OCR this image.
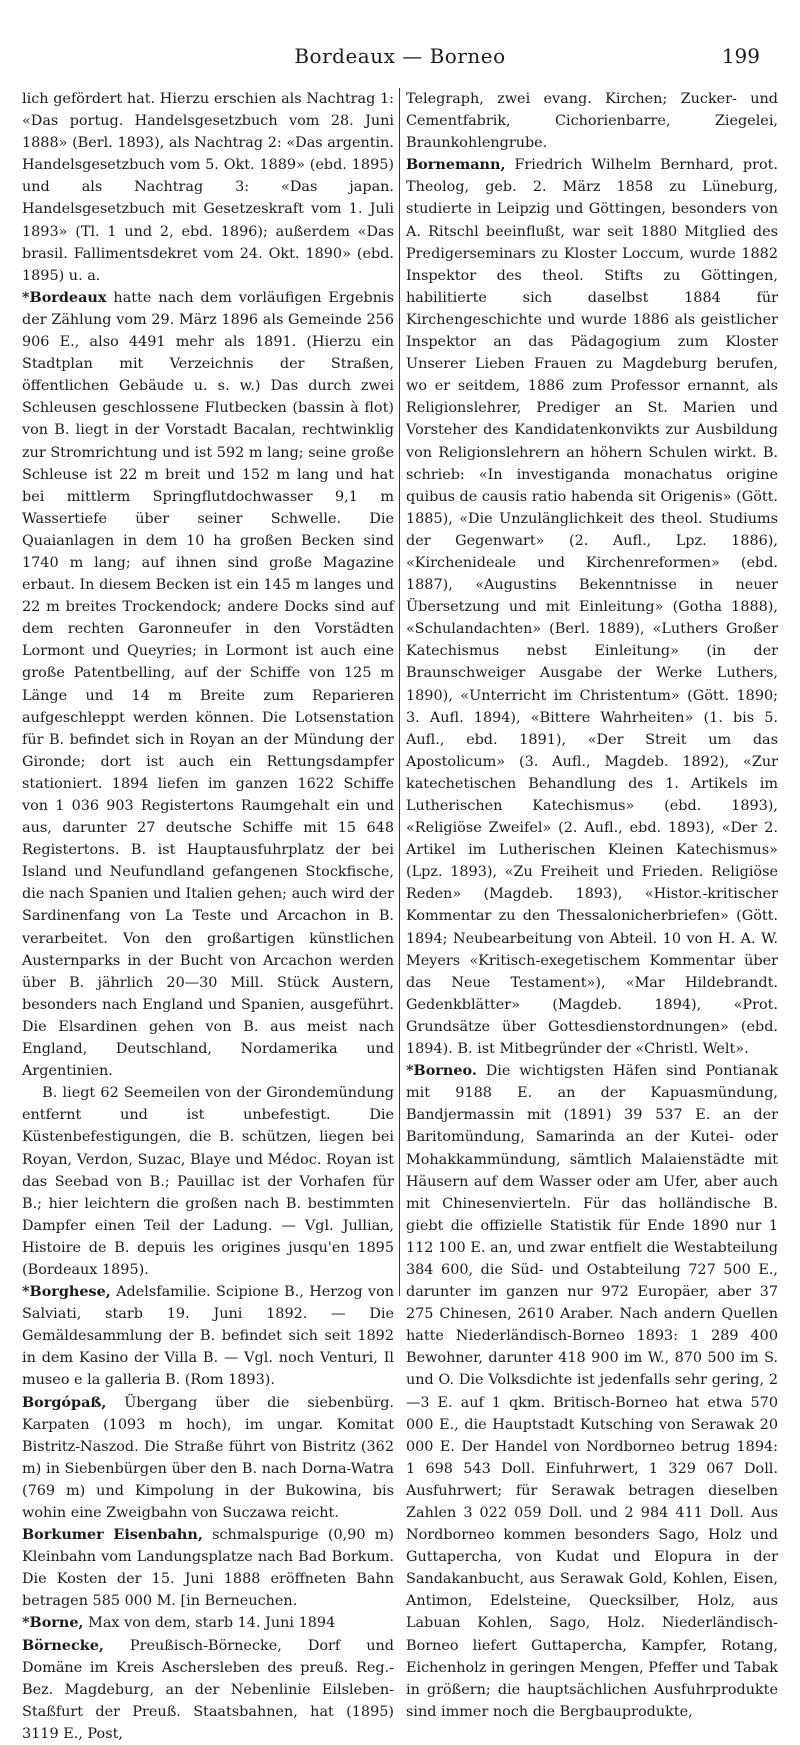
Bordeaux — Borneo	199

lich gefördert hat. Hierzu erschien als Nachtrag 1: «Das portug. Handelsgesetzbuch vom 28. Juni 1888» (Berl. 1893), als Nachtrag 2: «Das argentin. Handelsgesetzbuch vom 5. Okt. 1889» (ebd. 1895) und als Nachtrag 3: «Das japan. Handelsgesetzbuch mit Gesetzeskraft vom 1. Juli 1893» (Tl. 1 und 2, ebd. 1896); außerdem «Das brasil. Fallimentsdekret vom 24. Okt. 1890» (ebd. 1895) u. a.

*Bordeaux hatte nach dem vorläufigen Ergebnis der Zählung vom 29. März 1896 als Gemeinde 256 906 E., also 4491 mehr als 1891. (Hierzu ein Stadtplan mit Verzeichnis der Straßen, öffentlichen Gebäude u. s. w.) Das durch zwei Schleusen geschlossene Flutbecken (bassin à flot) von B. liegt in der Vorstadt Bacalan, rechtwinklig zur Stromrichtung und ist 592 m lang; seine große Schleuse ist 22 m breit und 152 m lang und hat bei mittlerm Springflutdochwasser 9,1 m Wassertiefe über seiner Schwelle. Die Quaianlagen in dem 10 ha großen Becken sind 1740 m lang; auf ihnen sind große Magazine erbaut. In diesem Becken ist ein 145 m langes und 22 m breites Trockendock; andere Docks sind auf dem rechten Garonneufer in den Vorstädten Lormont und Queyries; in Lormont ist auch eine große Patentbelling, auf der Schiffe von 125 m Länge und 14 m Breite zum Reparieren aufgeschleppt werden können. Die Lotsenstation für B. befindet sich in Royan an der Mündung der Gironde; dort ist auch ein Rettungsdampfer stationiert. 1894 liefen im ganzen 1622 Schiffe von 1 036 903 Registertons Raumgehalt ein und aus, darunter 27 deutsche Schiffe mit 15 648 Registertons. B. ist Hauptausfuhrplatz der bei Island und Neufundland gefangenen Stockfische, die nach Spanien und Italien gehen; auch wird der Sardinenfang von La Teste und Arcachon in B. verarbeitet. Von den großartigen künstlichen Austernparks in der Bucht von Arcachon werden über B. jährlich 20—30 Mill. Stück Austern, besonders nach England und Spanien, ausgeführt. Die Elsardinen gehen von B. aus meist nach England, Deutschland, Nordamerika und Argentinien.

B. liegt 62 Seemeilen von der Girondemündung entfernt und ist unbefestigt. Die Küstenbefestigungen, die B. schützen, liegen bei Royan, Verdon, Suzac, Blaye und Médoc. Royan ist das Seebad von B.; Pauillac ist der Vorhafen für B.; hier leichtern die großen nach B. bestimmten Dampfer einen Teil der Ladung. — Vgl. Jullian, Histoire de B. depuis les origines jusqu'en 1895 (Bordeaux 1895).

*Borghese, Adelsfamilie. Scipione B., Herzog von Salviati, starb 19. Juni 1892. — Die Gemäldesammlung der B. befindet sich seit 1892 in dem Kasino der Villa B. — Vgl. noch Venturi, Il museo e la galleria B. (Rom 1893).

Borgópaß, Übergang über die siebenbürg. Karpaten (1093 m hoch), im ungar. Komitat Bistritz-Naszod. Die Straße führt von Bistritz (362 m) in Siebenbürgen über den B. nach Dorna-Watra (769 m) und Kimpolung in der Bukowina, bis wohin eine Zweigbahn von Suczawa reicht.

Borkumer Eisenbahn, schmalspurige (0,90 m) Kleinbahn vom Landungsplatze nach Bad Borkum. Die Kosten der 15. Juni 1888 eröffneten Bahn betragen 585 000 M. [in Berneuchen.

*Borne, Max von dem, starb 14. Juni 1894

Börnecke, Preußisch-Börnecke, Dorf und Domäne im Kreis Aschersleben des preuß. Reg.-Bez. Magdeburg, an der Nebenlinie Eilsleben-Staßfurt der Preuß. Staatsbahnen, hat (1895) 3119 E., Post,

Telegraph, zwei evang. Kirchen; Zucker- und Cementfabrik, Cichorienbarre, Ziegelei, Braunkohlengrube.

Bornemann, Friedrich Wilhelm Bernhard, prot. Theolog, geb. 2. März 1858 zu Lüneburg, studierte in Leipzig und Göttingen, besonders von A. Ritschl beeinflußt, war seit 1880 Mitglied des Predigerseminars zu Kloster Loccum, wurde 1882 Inspektor des theol. Stifts zu Göttingen, habilitierte sich daselbst 1884 für Kirchengeschichte und wurde 1886 als geistlicher Inspektor an das Pädagogium zum Kloster Unserer Lieben Frauen zu Magdeburg berufen, wo er seitdem, 1886 zum Professor ernannt, als Religionslehrer, Prediger an St. Marien und Vorsteher des Kandidatenkonvikts zur Ausbildung von Religionslehrern an höhern Schulen wirkt. B. schrieb: «In investiganda monachatus origine quibus de causis ratio habenda sit Origenis» (Gött. 1885), «Die Unzulänglichkeit des theol. Studiums der Gegenwart» (2. Aufl., Lpz. 1886), «Kirchenideale und Kirchenreformen» (ebd. 1887), «Augustins Bekenntnisse in neuer Übersetzung und mit Einleitung» (Gotha 1888), «Schulandachten» (Berl. 1889), «Luthers Großer Katechismus nebst Einleitung» (in der Braunschweiger Ausgabe der Werke Luthers, 1890), «Unterricht im Christentum» (Gött. 1890; 3. Aufl. 1894), «Bittere Wahrheiten» (1. bis 5. Aufl., ebd. 1891), «Der Streit um das Apostolicum» (3. Aufl., Magdeb. 1892), «Zur katechetischen Behandlung des 1. Artikels im Lutherischen Katechismus» (ebd. 1893), «Religiöse Zweifel» (2. Aufl., ebd. 1893), «Der 2. Artikel im Lutherischen Kleinen Katechismus» (Lpz. 1893), «Zu Freiheit und Frieden. Religiöse Reden» (Magdeb. 1893), «Histor.-kritischer Kommentar zu den Thessalonicherbriefen» (Gött. 1894; Neubearbeitung von Abteil. 10 von H. A. W. Meyers «Kritisch-exegetischem Kommentar über das Neue Testament»), «Mar Hildebrandt. Gedenkblätter» (Magdeb. 1894), «Prot. Grundsätze über Gottesdienstordnungen» (ebd. 1894). B. ist Mitbegründer der «Christl. Welt».

*Borneo. Die wichtigsten Häfen sind Pontianak mit 9188 E. an der Kapuasmündung, Bandjermassin mit (1891) 39 537 E. an der Baritomündung, Samarinda an der Kutei- oder Mohakkammündung, sämtlich Malaienstädte mit Häusern auf dem Wasser oder am Ufer, aber auch mit Chinesenvierteln. Für das holländische B. giebt die offizielle Statistik für Ende 1890 nur 1 112 100 E. an, und zwar entfielt die Westabteilung 384 600, die Süd- und Ostabteilung 727 500 E., darunter im ganzen nur 972 Europäer, aber 37 275 Chinesen, 2610 Araber. Nach andern Quellen hatte Niederländisch-Borneo 1893: 1 289 400 Bewohner, darunter 418 900 im W., 870 500 im S. und O. Die Volksdichte ist jedenfalls sehr gering, 2—3 E. auf 1 qkm. Britisch-Borneo hat etwa 570 000 E., die Hauptstadt Kutsching von Serawak 20 000 E. Der Handel von Nordborneo betrug 1894: 1 698 543 Doll. Einfuhrwert, 1 329 067 Doll. Ausfuhrwert; für Serawak betragen dieselben Zahlen 3 022 059 Doll. und 2 984 411 Doll. Aus Nordborneo kommen besonders Sago, Holz und Guttapercha, von Kudat und Elopura in der Sandakanbucht, aus Serawak Gold, Kohlen, Eisen, Antimon, Edelsteine, Quecksilber, Holz, aus Labuan Kohlen, Sago, Holz. Niederländisch-Borneo liefert Guttapercha, Kampfer, Rotang, Eichenholz in geringen Mengen, Pfeffer und Tabak in größern; die hauptsächlichen Ausfuhrprodukte sind immer noch die Bergbauprodukte,
